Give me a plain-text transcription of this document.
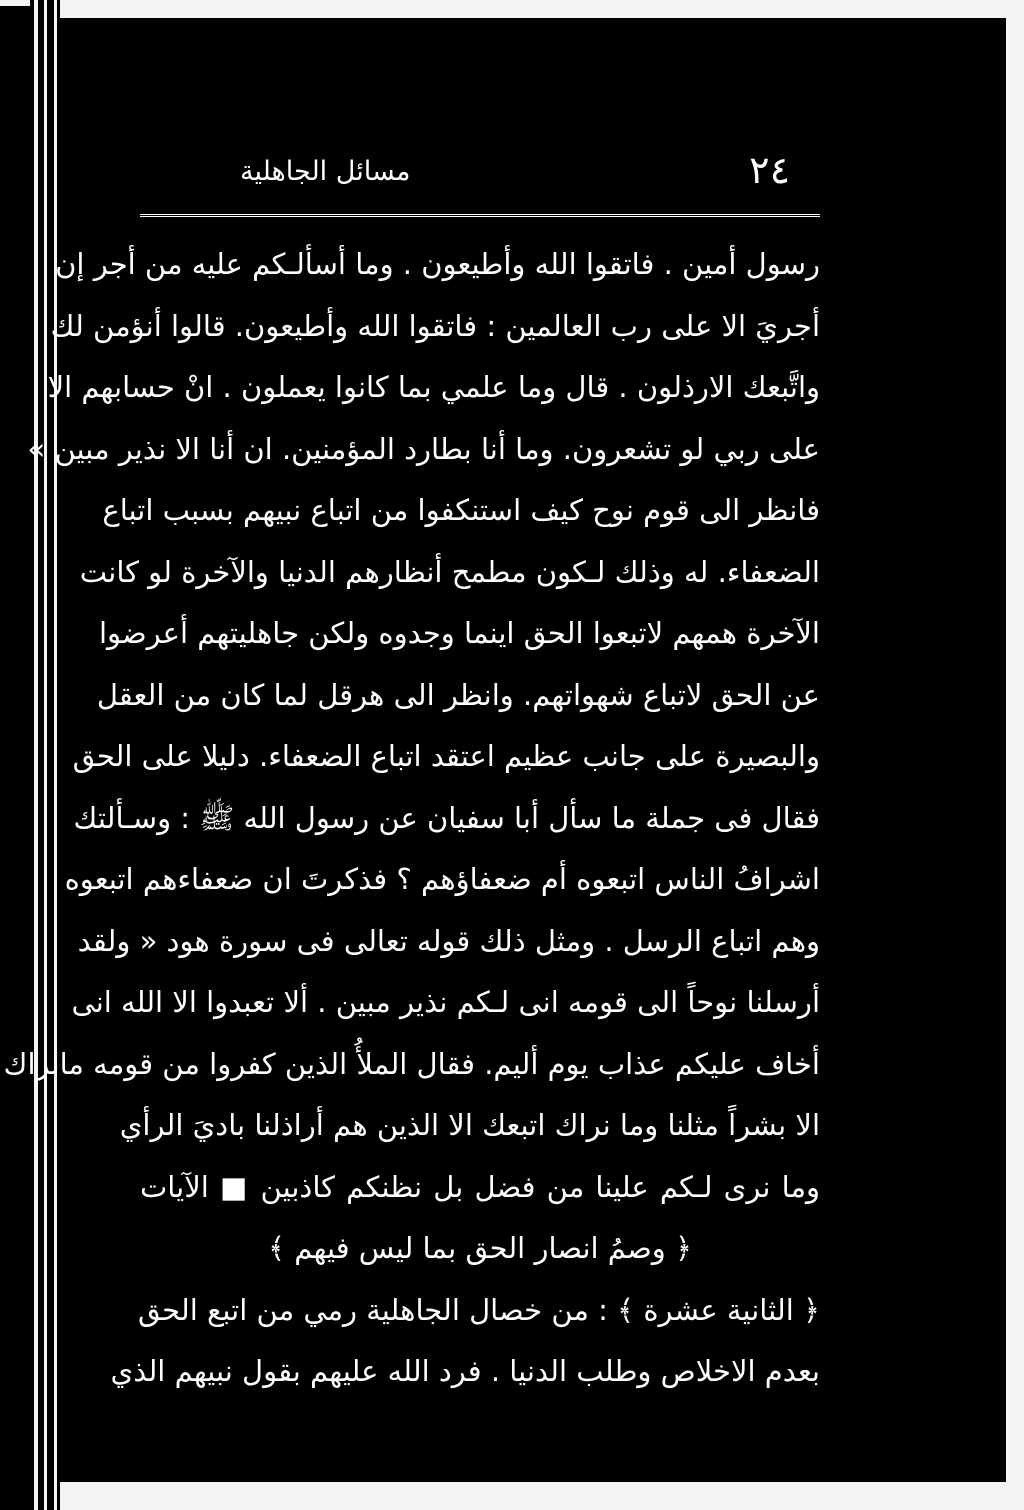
٢٤
مسائل الجاهلية
رسول أمين . فاتقوا الله وأطيعون . وما أسألـكم عليه من أجر إن
أجريَ الا على رب العالمين : فاتقوا الله وأطيعون. قالوا أنؤمن لك
واتَّبعك الارذلون . قال وما علمي بما كانوا يعملون . انْ حسابهم الا
على ربي لو تشعرون. وما أنا بطارد المؤمنين. ان أنا الا نذير مبين »
فانظر الى قوم نوح كيف استنكفوا من اتباع نبيهم بسبب اتباع
الضعفاء. له وذلك لـكون مطمح أنظارهم الدنيا والآخرة لو كانت
الآخرة همهم لاتبعوا الحق اينما وجدوه ولكن جاهليتهم أعرضوا
عن الحق لاتباع شهواتهم. وانظر الى هرقل لما كان من العقل
والبصيرة على جانب عظيم اعتقد اتباع الضعفاء. دليلا على الحق
فقال فى جملة ما سأل أبا سفيان عن رسول الله ﷺ : وسـألتك
اشرافُ الناس اتبعوه أم ضعفاؤهم ؟ فذكرتَ ان ضعفاءهم اتبعوه
وهم اتباع الرسل . ومثل ذلك قوله تعالى فى سورة هود « ولقد
أرسلنا نوحاً الى قومه انى لـكم نذير مبين . ألا تعبدوا الا الله انى
أخاف عليكم عذاب يوم أليم. فقال الملأُ الذين كفروا من قومه مانراك
الا بشراً مثلنا وما نراك اتبعك الا الذين هم أراذلنا باديَ الرأي
وما نرى لـكم علينا من فضل بل نظنكم كاذبين ■ الآيات
﴿ وصمُ انصار الحق بما ليس فيهم ﴾
﴿ الثانية عشرة ﴾ : من خصال الجاهلية رمي من اتبع الحق
بعدم الاخلاص وطلب الدنيا . فرد الله عليهم بقول نبيهم الذي
